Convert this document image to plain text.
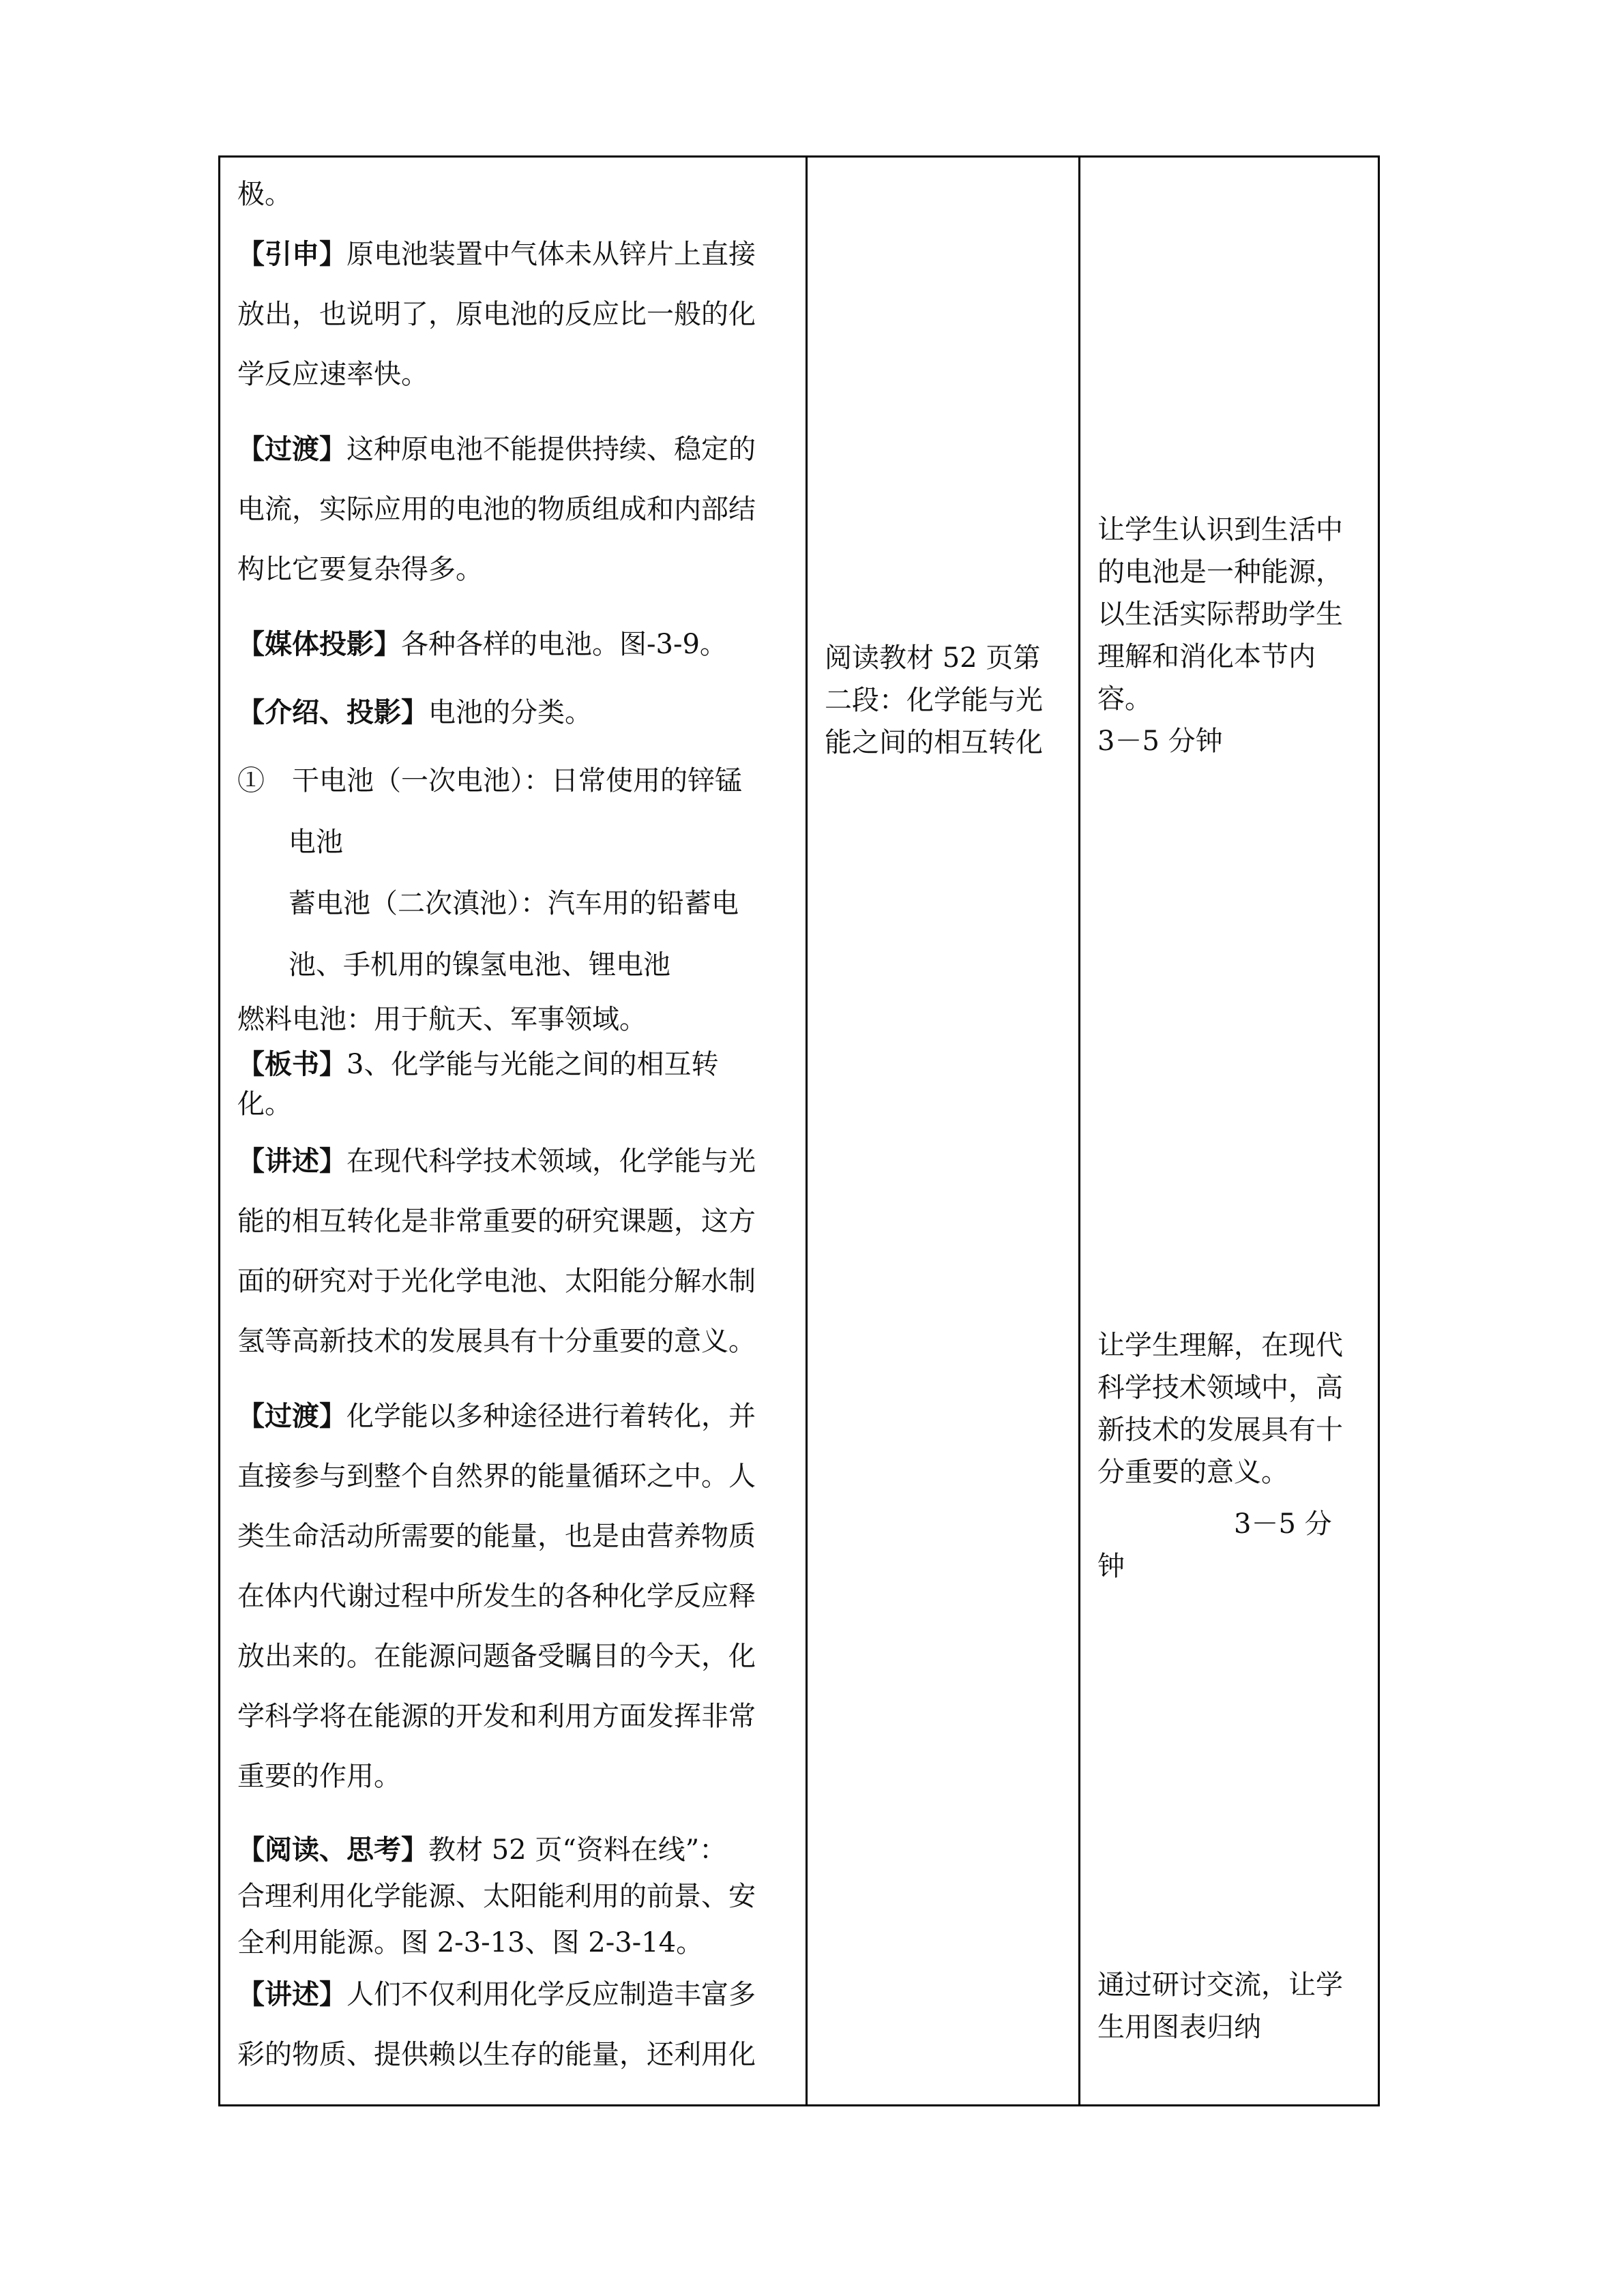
极。
【引申】原电池装置中气体未从锌片上直接
放出，也说明了，原电池的反应比一般的化
学反应速率快。
【过渡】这种原电池不能提供持续、稳定的
电流，实际应用的电池的物质组成和内部结
构比它要复杂得多。
【媒体投影】各种各样的电池。图-3-9。
【介绍、投影】电池的分类。
①　干电池（一次电池）：日常使用的锌锰
电池
蓄电池（二次滇池）：汽车用的铅蓄电
池、手机用的镍氢电池、锂电池
燃料电池：用于航天、军事领域。
【板书】3、化学能与光能之间的相互转
化。
【讲述】在现代科学技术领域，化学能与光
能的相互转化是非常重要的研究课题，这方
面的研究对于光化学电池、太阳能分解水制
氢等高新技术的发展具有十分重要的意义。
【过渡】化学能以多种途径进行着转化，并
直接参与到整个自然界的能量循环之中。人
类生命活动所需要的能量，也是由营养物质
在体内代谢过程中所发生的各种化学反应释
放出来的。在能源问题备受瞩目的今天，化
学科学将在能源的开发和利用方面发挥非常
重要的作用。
【阅读、思考】教材 52 页“资料在线”：
合理利用化学能源、太阳能利用的前景、安
全利用能源。图 2-3-13、图 2-3-14。
【讲述】人们不仅利用化学反应制造丰富多
彩的物质、提供赖以生存的能量，还利用化
阅读教材 52 页第
二段：化学能与光
能之间的相互转化
让学生认识到生活中
的电池是一种能源，
以生活实际帮助学生
理解和消化本节内
容。
3－5 分钟
让学生理解，在现代
科学技术领域中，高
新技术的发展具有十
分重要的意义。
3－5 分
钟
通过研讨交流，让学
生用图表归纳
